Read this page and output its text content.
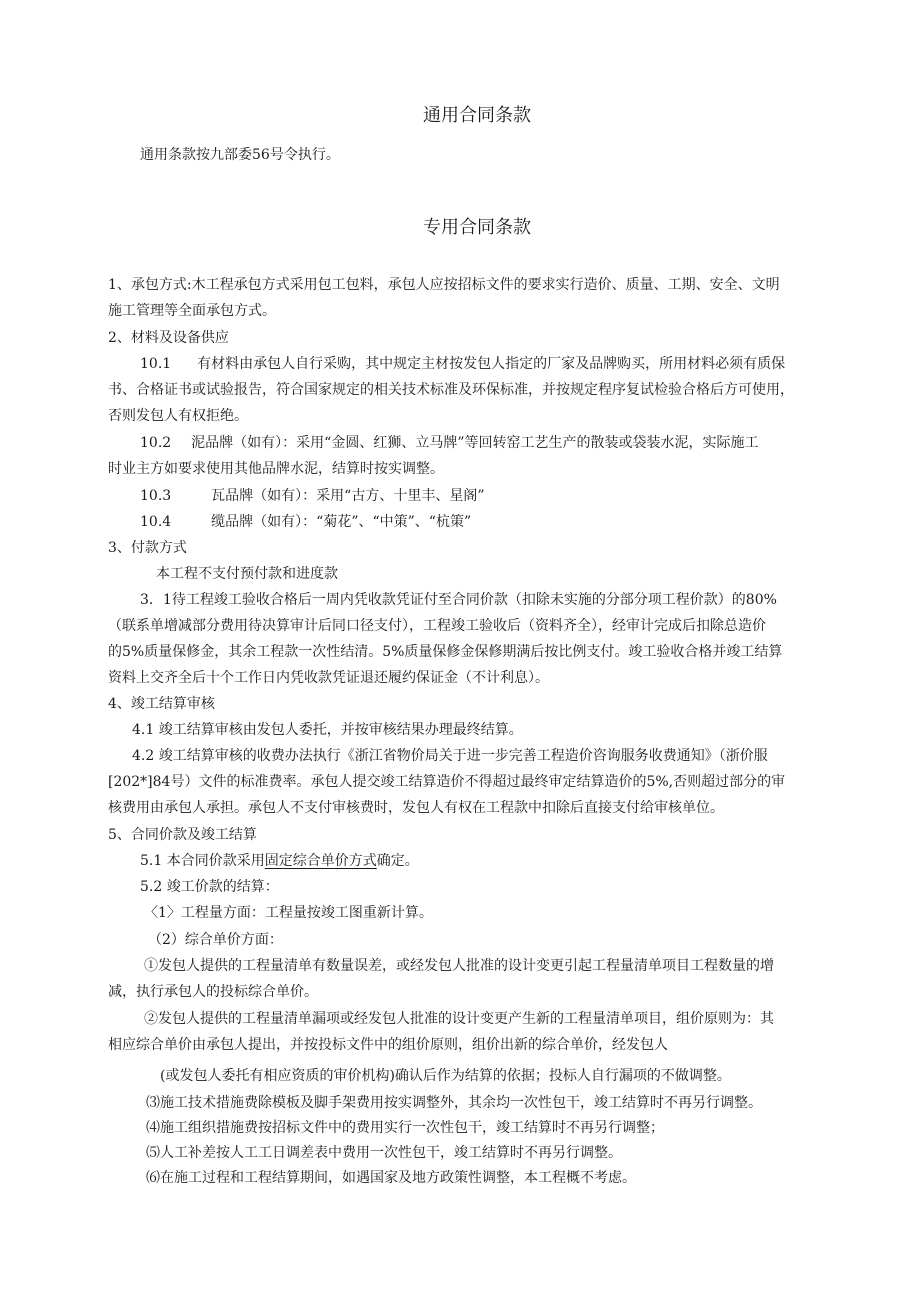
通用合同条款
通用条款按九部委56号令执行。
专用合同条款
1、承包方式:木工程承包方式采用包工包料，承包人应按招标文件的要求实行造价、质量、工期、安全、文明
施工管理等全面承包方式。
2、材料及设备供应
10.1 有材料由承包人自行采购，其中规定主材按发包人指定的厂家及品牌购买，所用材料必须有质保
书、合格证书或试验报告，符合国家规定的相关技术标准及环保标准，并按规定程序复试检验合格后方可使用，
否则发包人有权拒绝。
10.2 泥品牌（如有）：采用“金圆、红狮、立马牌”等回转窑工艺生产的散装或袋装水泥，实际施工
时业主方如要求使用其他品牌水泥，结算时按实调整。
10.3	瓦品牌（如有）：采用“古方、十里丰、星阁”
10.4	缆品牌（如有）：“菊花”、“中策”、“杭策”
3、付款方式
本工程不支付预付款和进度款
3．1待工程竣工验收合格后一周内凭收款凭证付至合同价款（扣除未实施的分部分项工程价款）的80%
（联系单增减部分费用待决算审计后同口径支付），工程竣工验收后（资料齐全），经审计完成后扣除总造价
的5%质量保修金，其余工程款一次性结清。5%质量保修金保修期满后按比例支付。竣工验收合格并竣工结算
资料上交齐全后十个工作日内凭收款凭证退还履约保证金（不计利息）。
4、竣工结算审核
4.1 竣工结算审核由发包人委托，并按审核结果办理最终结算。
4.2 竣工结算审核的收费办法执行《浙江省物价局关于进一步完善工程造价咨询服务收费通知》（浙价服
[202*]84号）文件的标准费率。承包人提交竣工结算造价不得超过最终审定结算造价的5%,否则超过部分的审
核费用由承包人承担。承包人不支付审核费时，发包人有权在工程款中扣除后直接支付给审核单位。
5、合同价款及竣工结算
5.1 本合同价款采用固定综合单价方式确定。
5.2 竣工价款的结算：
〈1〉工程量方面：工程量按竣工图重新计算。
（2）综合单价方面：
①发包人提供的工程量清单有数量误差，或经发包人批准的设计变更引起工程量清单项目工程数量的增
减，执行承包人的投标综合单价。
②发包人提供的工程量清单漏项或经发包人批准的设计变更产生新的工程量清单项目，组价原则为：其
相应综合单价由承包人提出，并按投标文件中的组价原则，组价出新的综合单价，经发包人
(或发包人委托有相应资质的审价机构)确认后作为结算的依据；投标人自行漏项的不做调整。
⑶施工技术措施费除模板及脚手架费用按实调整外，其余均一次性包干，竣工结算时不再另行调整。
⑷施工组织措施费按招标文件中的费用实行一次性包干，竣工结算时不再另行调整；
⑸人工补差按人工工日调差表中费用一次性包干，竣工结算时不再另行调整。
⑹在施工过程和工程结算期间，如遇国家及地方政策性调整，本工程概不考虑。
